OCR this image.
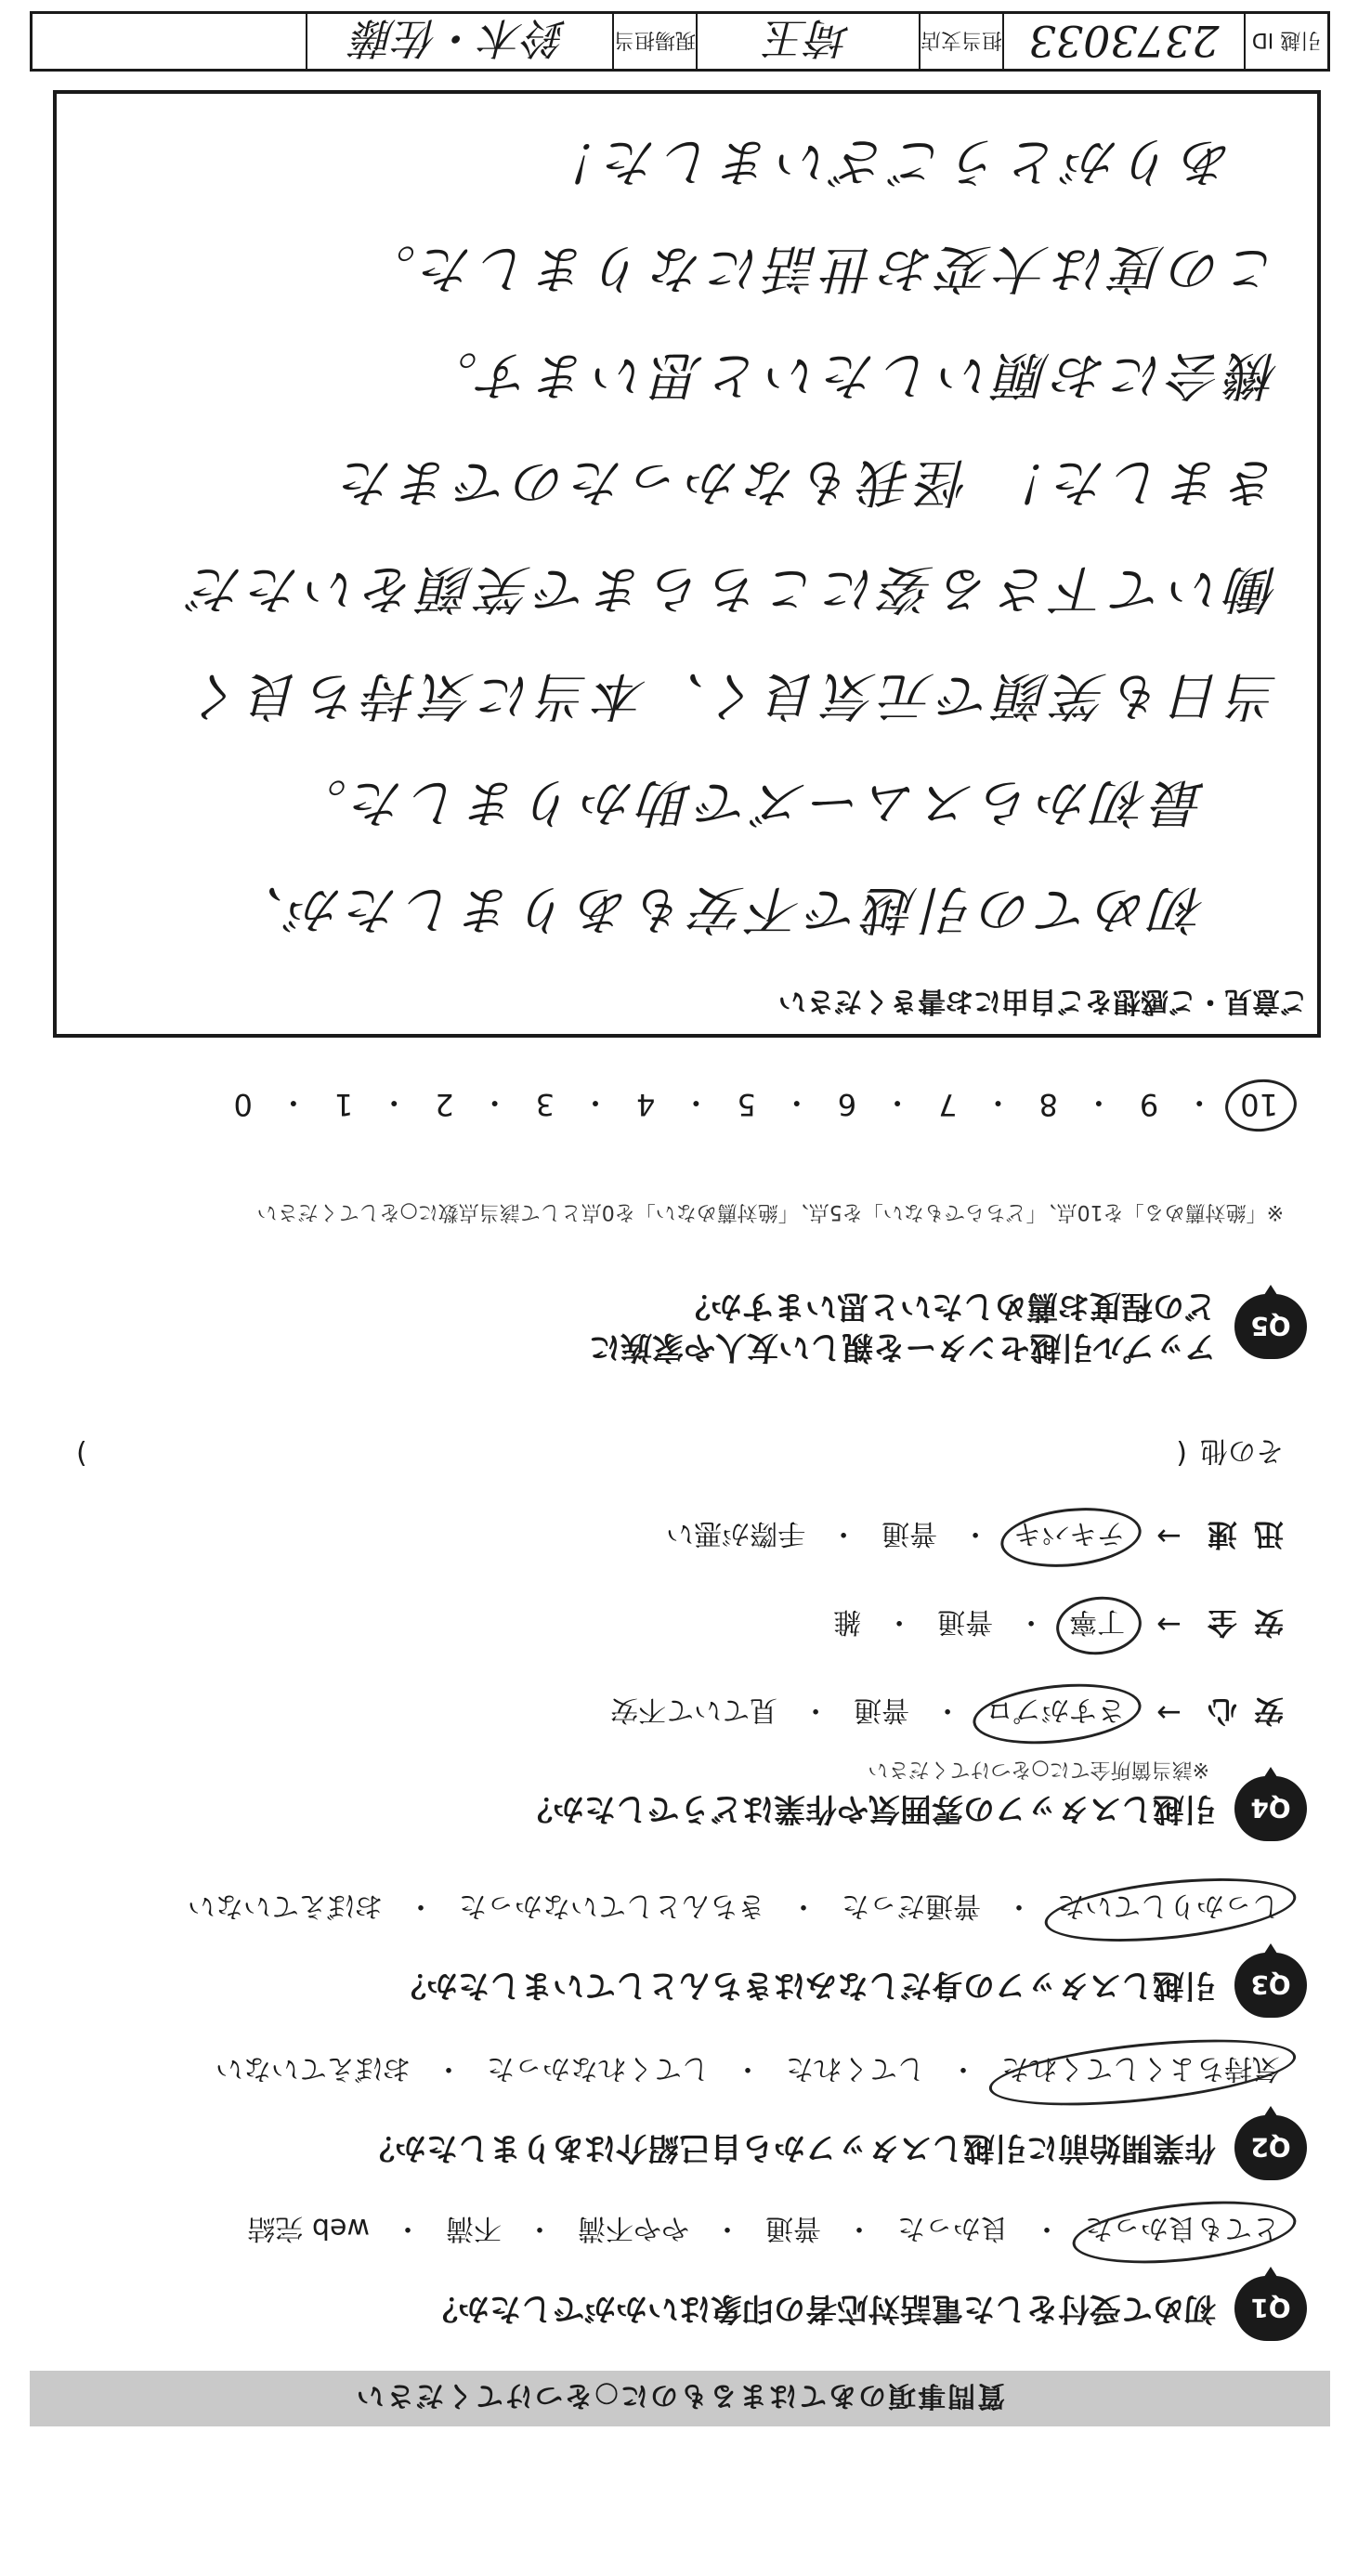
質問事項のあてはまるものに○をつけてください
Q1
初めて受付をした電話対応者の印象はいかがでしたか？
とても良かった
・
良かった
・
普通
・
やや不満
・
不満
・
web 完結
Q2
作業開始前に引越しスタッフから自己紹介はありましたか？
気持ちよくしてくれた
・
してくれた
・
してくれなかった
・
おぼえていない
Q3
引越しスタッフの身だしなみはきちんとしていましたか？
しっかりしていた
・
普通だった
・
きちんとしていなかった
・
おぼえていない
Q4
引越しスタッフの雰囲気や作業はどうでしたか？
※該当箇所全てに○をつけてください
安心
→
さすがプロ
・
普通
・
見ていて不安
安全
→
丁寧
・
普通
・
雑
迅速
→
テキパキ
・
普通
・
手際が悪い
その他
(
)
Q5
アップル引越センターを親しい友人や家族に
どの程度お薦めしたいと思いますか？
※「絶対薦める」を10点、「どちらでもない」を5点、「絶対薦めない」を0点として該当点数に○をしてください
10
・
9
・
8
・
7
・
6
・
5
・
4
・
3
・
2
・
1
・
0
ご意見・ご感想をご自由にお書きください
初めての引越で不安もありましたが、
最初からスムーズで助かりました。
当日も笑顔で元気良く、本当に気持ち良く
働いて下さる姿にこちらまで笑顔をいただ
きました！ 怪我もなかったのでまた
機会にお願いしたいと思います。
この度は大変お世話になりました。
ありがとうございました！
引越 ID
2373033
担当支店
埼玉
現場担当
鈴木・佐藤
